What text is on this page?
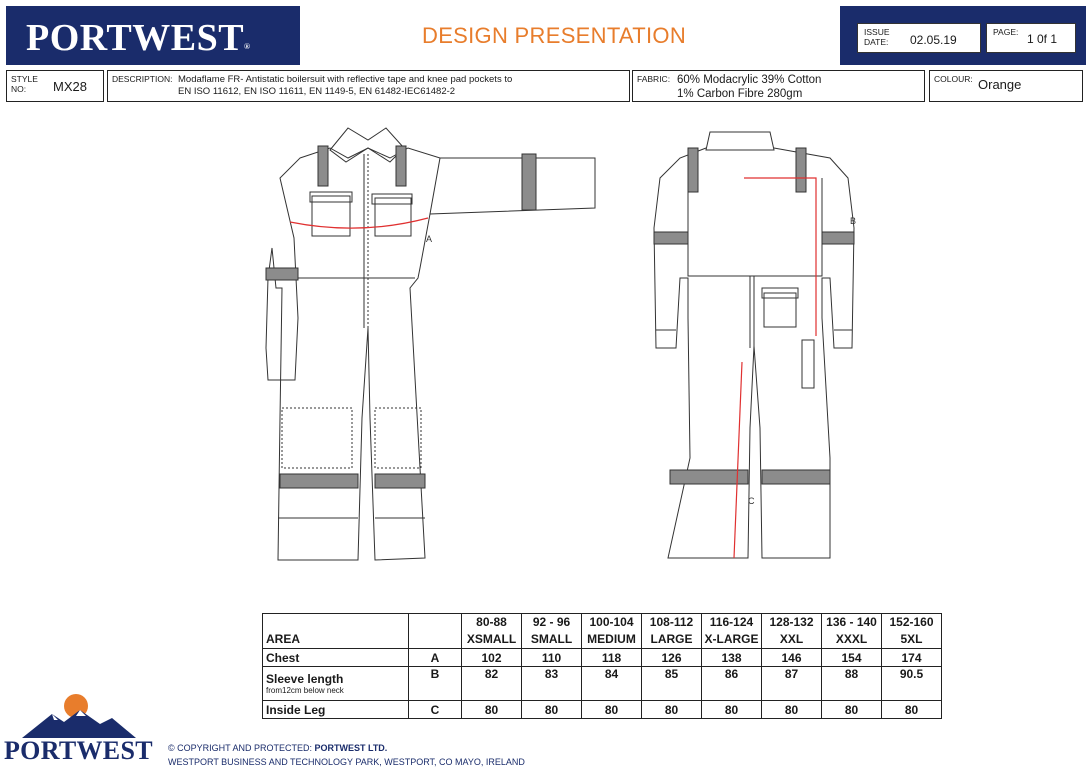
PORTWEST®	DESIGN PRESENTATION	ISSUE DATE:	02.05.19
PAGE: 1 0f 1
STYLE NO:	MX28	DESCRIPTION: Modaflame FR- Antistatic boilersuit with reflective tape and knee pad pockets to
EN ISO 11612, EN ISO 11611, EN 1149-5, EN 61482-IEC61482-2
FABRIC: 60% Modacrylic 39% Cotton
1% Carbon Fibre 280gm
COLOUR: Orange
A
B
C
		80-88	92 - 96	100-104	108-112	116-124	128-132	136 - 140	152-160
AREA		XSMALL	SMALL	MEDIUM	LARGE	X-LARGE	XXL	XXXL	5XL
Chest	A	102	110	118	126	138	146	154	174
Sleeve length
from12cm below neck	B	82	83	84	85	86	87	88	90.5
Inside Leg	C	80	80	80	80	80	80	80	80
PORTWEST © COPYRIGHT AND PROTECTED: PORTWEST LTD.
WESTPORT BUSINESS AND TECHNOLOGY PARK, WESTPORT, CO MAYO, IRELAND
